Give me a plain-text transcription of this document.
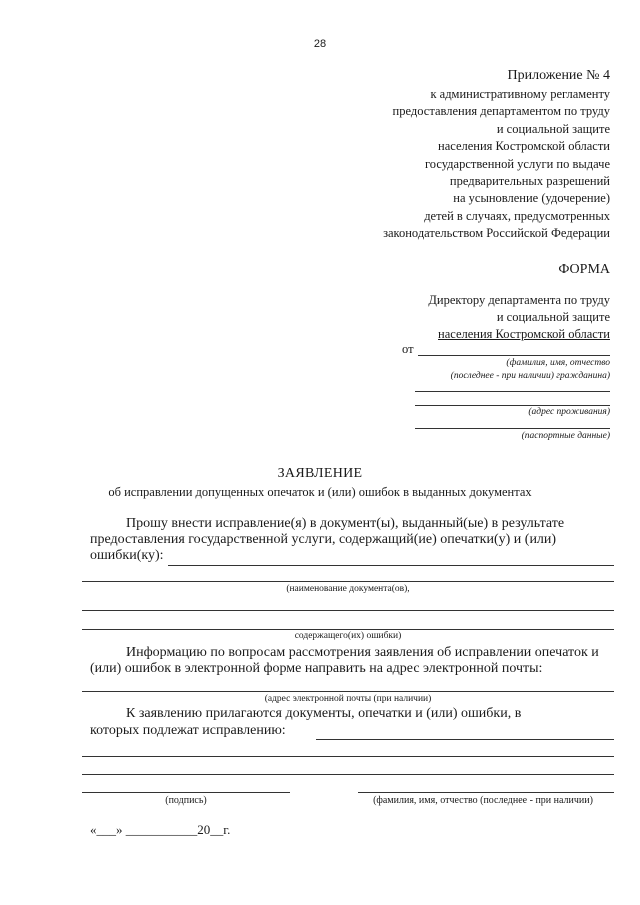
28
Приложение № 4
к административному регламенту
предоставления департаментом по труду
и социальной защите
населения Костромской области
государственной услуги по выдаче
предварительных разрешений
на усыновление (удочерение)
детей в случаях, предусмотренных
законодательством Российской Федерации
ФОРМА
Директору департамента по труду
и социальной защите
населения Костромской области
от
(фамилия, имя, отчество
(последнее - при наличии) гражданина)
(адрес проживания)
(паспортные данные)
ЗАЯВЛЕНИЕ
об исправлении допущенных опечаток и (или) ошибок в выданных документах
Прошу внести исправление(я) в документ(ы), выданный(ые) в результате
предоставления государственной услуги, содержащий(ие) опечатки(у) и (или)
ошибки(ку):
(наименование документа(ов),
содержащего(их) ошибки)
Информацию по вопросам рассмотрения заявления об исправлении опечаток и
(или) ошибок в электронной форме направить на адрес электронной почты:
(адрес электронной почты (при наличии)
К заявлению прилагаются документы, опечатки и (или) ошибки, в
которых подлежат исправлению:
(подпись)	(фамилия, имя, отчество (последнее - при наличии)
«___» ___________20__г.
